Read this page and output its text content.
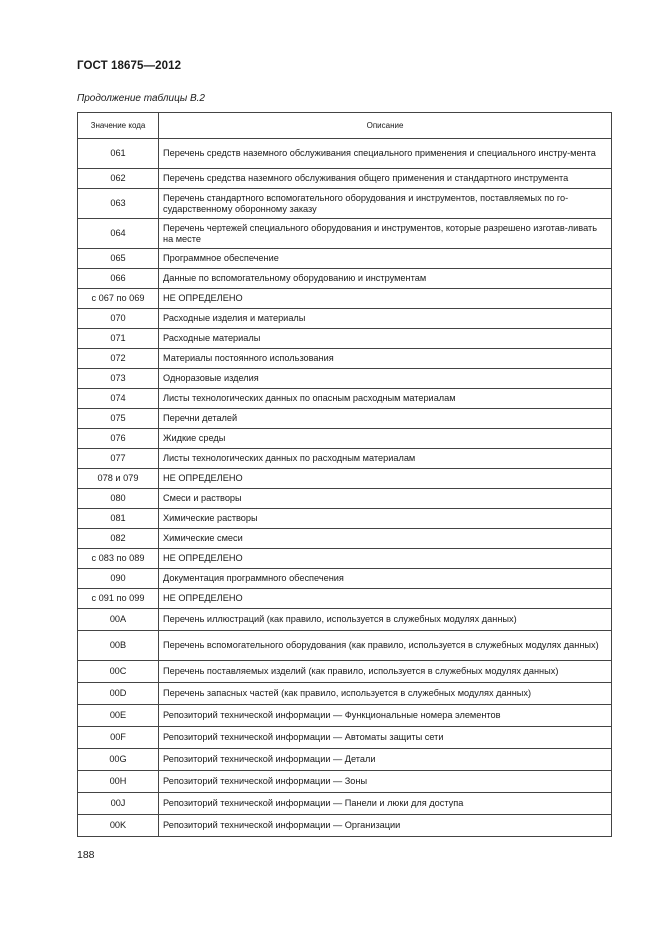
ГОСТ 18675—2012
Продолжение таблицы В.2
Значение кода	Описание
061	Перечень средств наземного обслуживания специального применения и специального инстру-мента
062	Перечень средства наземного обслуживания общего применения и стандартного инструмента
063	Перечень стандартного вспомогательного оборудования и инструментов, поставляемых по го-сударственному оборонному заказу
064	Перечень чертежей специального оборудования и инструментов, которые разрешено изготав-ливать на месте
065	Программное обеспечение
066	Данные по вспомогательному оборудованию и инструментам
с 067 по 069	НЕ ОПРЕДЕЛЕНО
070	Расходные изделия и материалы
071	Расходные материалы
072	Материалы постоянного использования
073	Одноразовые изделия
074	Листы технологических данных по опасным расходным материалам
075	Перечни деталей
076	Жидкие среды
077	Листы технологических данных по расходным материалам
078 и 079	НЕ ОПРЕДЕЛЕНО
080	Смеси и растворы
081	Химические растворы
082	Химические смеси
с 083 по 089	НЕ ОПРЕДЕЛЕНО
090	Документация программного обеспечения
с 091 по 099	НЕ ОПРЕДЕЛЕНО
00A	Перечень иллюстраций (как правило, используется в служебных модулях данных)
00B	Перечень вспомогательного оборудования (как правило, используется в служебных модулях данных)
00C	Перечень поставляемых изделий (как правило, используется в служебных модулях данных)
00D	Перечень запасных частей (как правило, используется в служебных модулях данных)
00E	Репозиторий технической информации — Функциональные номера элементов
00F	Репозиторий технической информации — Автоматы защиты сети
00G	Репозиторий технической информации — Детали
00H	Репозиторий технической информации — Зоны
00J	Репозиторий технической информации — Панели и люки для доступа
00K	Репозиторий технической информации — Организации
188
